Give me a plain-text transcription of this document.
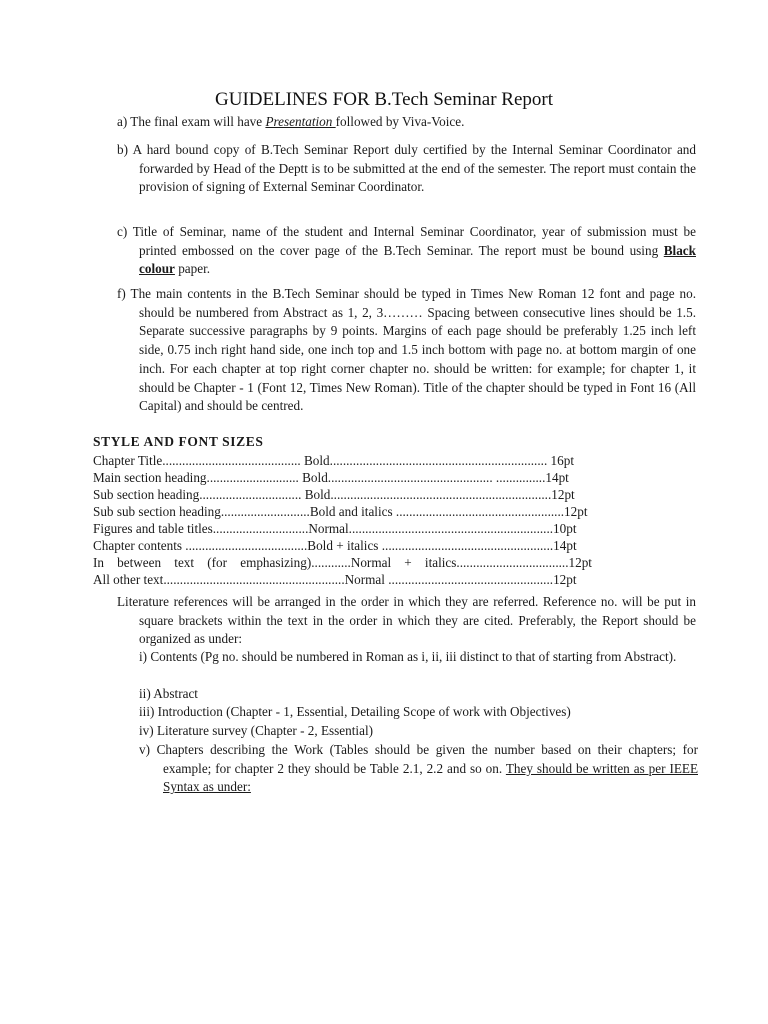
GUIDELINES FOR B.Tech Seminar Report
a) The final exam will have Presentation followed by Viva-Voice.
b) A hard bound copy of B.Tech Seminar Report duly certified by the Internal Seminar Coordinator and forwarded by Head of the Deptt is to be submitted at the end of the semester. The report must contain the provision of signing of External Seminar Coordinator.
c) Title of Seminar, name of the student and Internal Seminar Coordinator, year of submission must be printed embossed on the cover page of the B.Tech Seminar. The report must be bound using Black colour paper.
f) The main contents in the B.Tech Seminar should be typed in Times New Roman 12 font and page no. should be numbered from Abstract as 1, 2, 3……… Spacing between consecutive lines should be 1.5. Separate successive paragraphs by 9 points. Margins of each page should be preferably 1.25 inch left side, 0.75 inch right hand side, one inch top and 1.5 inch bottom with page no. at bottom margin of one inch. For each chapter at top right corner chapter no. should be written: for example; for chapter 1, it should be Chapter - 1 (Font 12, Times New Roman). Title of the chapter should be typed in Font 16 (All Capital) and should be centred.
STYLE AND FONT SIZES
Chapter Title.......................................... Bold.................................................................. 16pt
Main section heading............................ Bold.................................................. ...............14pt
Sub section heading............................... Bold...................................................................12pt
Sub sub section heading...........................Bold and italics ...................................................12pt
Figures and table titles.............................Normal..............................................................10pt
Chapter contents .....................................Bold + italics ....................................................14pt
In    between    text    (for    emphasizing)............Normal    +    italics..................................12pt
All other text.......................................................Normal ..................................................12pt
Literature references will be arranged in the order in which they are referred. Reference no. will be put in square brackets within the text in the order in which they are cited. Preferably, the Report should be organized as under:
i) Contents (Pg no. should be numbered in Roman as i, ii, iii distinct to that of starting from Abstract).
ii) Abstract
iii) Introduction (Chapter - 1, Essential, Detailing Scope of work with Objectives)
iv) Literature survey (Chapter - 2, Essential)
v) Chapters describing the Work (Tables should be given the number based on their chapters; for example; for chapter 2 they should be Table 2.1, 2.2 and so on. They should be written as per IEEE Syntax as under:
